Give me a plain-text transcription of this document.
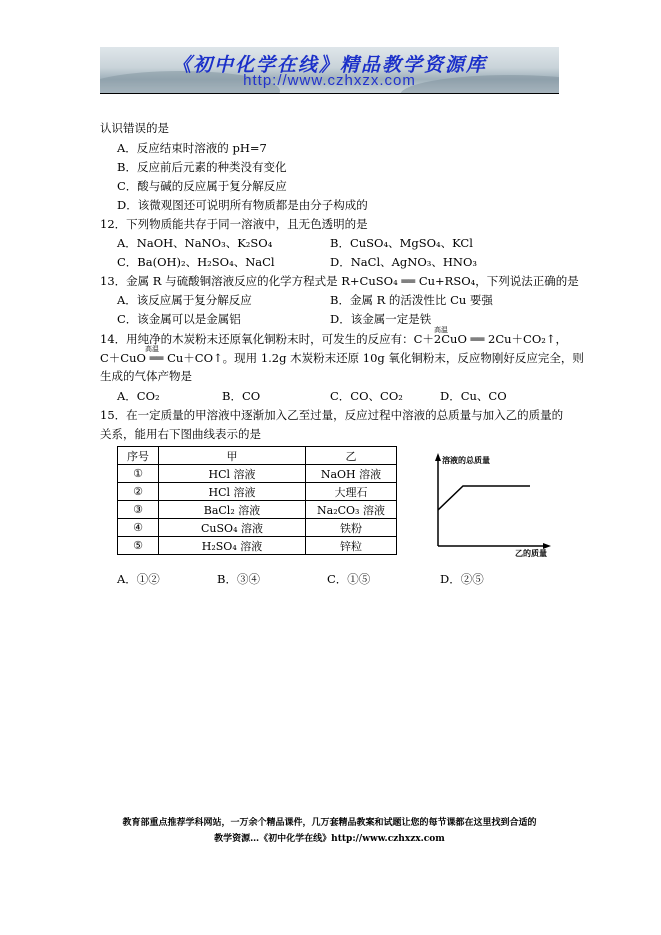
《初中化学在线》精品教学资源库
http://www.czhxzx.com
认识错误的是
A．反应结束时溶液的 pH=7
B．反应前后元素的种类没有变化
C．酸与碱的反应属于复分解反应
D．该微观图还可说明所有物质都是由分子构成的
12．下列物质能共存于同一溶液中，且无色透明的是
A．NaOH、NaNO₃、K₂SO₄	B．CuSO₄、MgSO₄、KCl
C．Ba(OH)₂、H₂SO₄、NaCl	D．NaCl、AgNO₃、HNO₃
13．金属 R 与硫酸铜溶液反应的化学方程式是 R+CuSO₄ ══ Cu+RSO₄，下列说法正确的是
A．该反应属于复分解反应	B．金属 R 的活泼性比 Cu 要强
C．该金属可以是金属铝	D．该金属一定是铁
高温
14．用纯净的木炭粉末还原氧化铜粉末时，可发生的反应有：C＋2CuO ══ 2Cu＋CO₂↑，
高温
C＋CuO ══ Cu＋CO↑。现用 1.2g 木炭粉末还原 10g 氧化铜粉末，反应物刚好反应完全，则
生成的气体产物是
A．CO₂	B．CO	C．CO、CO₂	D．Cu、CO
15．在一定质量的甲溶液中逐渐加入乙至过量，反应过程中溶液的总质量与加入乙的质量的
关系，能用右下图曲线表示的是
序号	甲	乙
①	HCl 溶液	NaOH 溶液
②	HCl 溶液	大理石
③	BaCl₂ 溶液	Na₂CO₃ 溶液
④	CuSO₄ 溶液	铁粉
⑤	H₂SO₄ 溶液	锌粒
溶液的总质量
乙的质量
A．①②	B．③④	C．①⑤	D．②⑤
教育部重点推荐学科网站，一万余个精品课件，几万套精品教案和试题让您的每节课都在这里找到合适的
教学资源…《初中化学在线》http://www.czhxzx.com
